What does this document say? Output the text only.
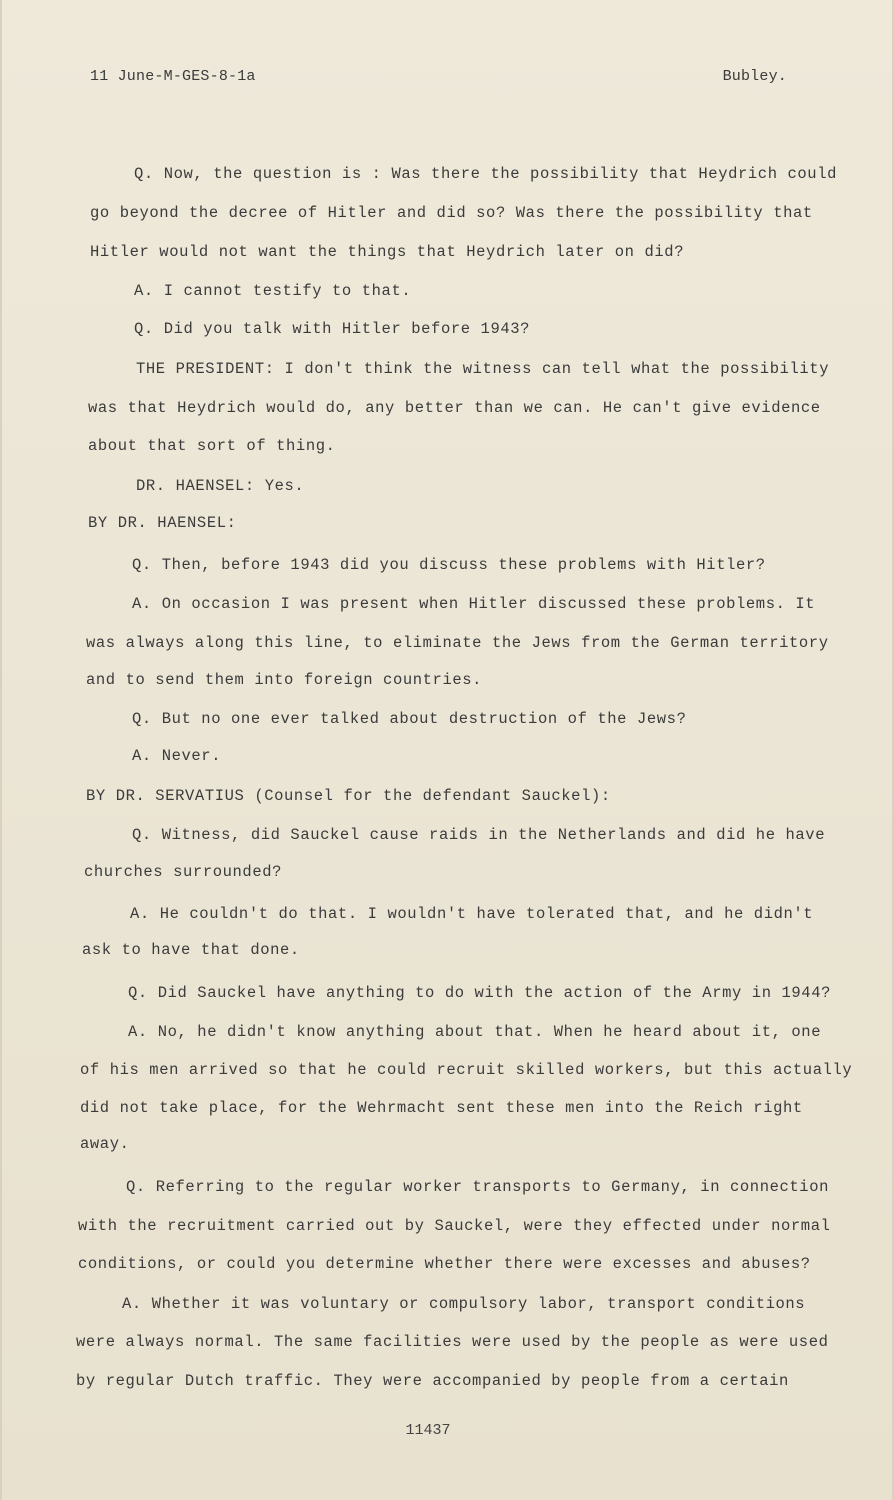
11 June-M-GES-8-1a	Bubley.
Q. Now, the question is : Was there the possibility that Heydrich could
go beyond the decree of Hitler and did so? Was there the possibility that
Hitler would not want the things that Heydrich later on did?
A. I cannot testify to that.
Q. Did you talk with Hitler before 1943?
THE PRESIDENT: I don't think the witness can tell what the possibility
was that Heydrich would do, any better than we can. He can't give evidence
about that sort of thing.
DR. HAENSEL: Yes.
BY DR. HAENSEL:
Q. Then, before 1943 did you discuss these problems with Hitler?
A. On occasion I was present when Hitler discussed these problems. It
was always along this line, to eliminate the Jews from the German territory
and to send them into foreign countries.
Q. But no one ever talked about destruction of the Jews?
A. Never.
BY DR. SERVATIUS (Counsel for the defendant Sauckel):
Q. Witness, did Sauckel cause raids in the Netherlands and did he have
churches surrounded?
A. He couldn't do that. I wouldn't have tolerated that, and he didn't
ask to have that done.
Q. Did Sauckel have anything to do with the action of the Army in 1944?
A. No, he didn't know anything about that. When he heard about it, one
of his men arrived so that he could recruit skilled workers, but this actually
did not take place, for the Wehrmacht sent these men into the Reich right
away.
Q. Referring to the regular worker transports to Germany, in connection
with the recruitment carried out by Sauckel, were they effected under normal
conditions, or could you determine whether there were excesses and abuses?
A. Whether it was voluntary or compulsory labor, transport conditions
were always normal. The same facilities were used by the people as were used
by regular Dutch traffic. They were accompanied by people from a certain
11437
